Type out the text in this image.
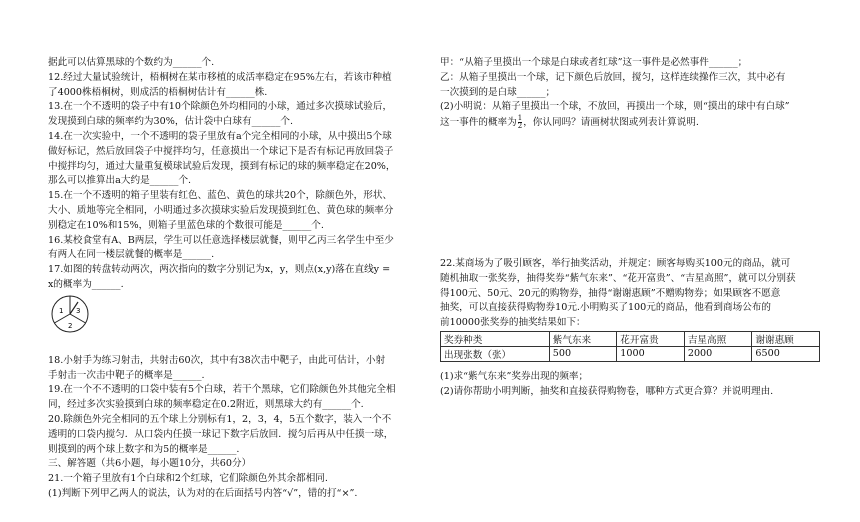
据此可以估算黑球的个数约为______个.
12.经过大量试验统计，梧桐树在某市移植的成活率稳定在95%左右，若该市种植
了4000株梧桐树，则成活的梧桐树估计有______株.
13.在一个不透明的袋子中有10个除颜色外均相同的小球，通过多次摸球试验后，
发现摸到白球的频率约为30%，估计袋中白球有______个.
14.在一次实验中，一个不透明的袋子里放有a个完全相同的小球，从中摸出5个球
做好标记，然后放回袋子中搅拌均匀，任意摸出一个球记下是否有标记再放回袋子
中搅拌均匀，通过大量重复模球试验后发现，摸到有标记的球的频率稳定在20%，
那么可以推算出a大约是______个.
15.在一个不透明的箱子里装有红色、蓝色、黄色的球共20个，除颜色外，形状、
大小、质地等完全相同，小明通过多次摸球实验后发现摸到红色、黄色球的频率分
别稳定在10%和15%，则箱子里蓝色球的个数很可能是______个.
16.某校食堂有A、B两层，学生可以任意选择楼层就餐，则甲乙丙三名学生中至少
有两人在同一楼层就餐的概率是______.
17.如图的转盘转动两次，两次指向的数字分别记为x，y，则点(x,y)落在直线y =
x的概率为______.
1 3
2
18.小射手为练习射击，共射击60次，其中有38次击中靶子，由此可估计，小射
手射击一次击中靶子的概率是______.
19.在一个不不透明的口袋中装有5个白球，若干个黑球，它们除颜色外其他完全相
同，经过多次实验摸到白球的频率稳定在0.2附近，则黑球大约有______个.
20.除颜色外完全相同的五个球上分别标有1，2，3，4，5五个数字，装入一个不
透明的口袋内搅匀．从口袋内任摸一球记下数字后放回．搅匀后再从中任摸一球，
则摸到的两个球上数字和为5的概率是______.
三、解答题（共6小题，每小题10分，共60分）
21.一个箱子里放有1个白球和2个红球，它们除颜色外其余都相同.
(1)判断下列甲乙两人的说法，认为对的在后面括号内答“√”，错的打“×”.
甲：“从箱子里摸出一个球是白球或者红球”这一事件是必然事件______；
乙：从箱子里摸出一个球，记下颜色后放回，搅匀，这样连续操作三次，其中必有
一次摸到的是白球______；
(2)小明说：从箱子里摸出一个球，不放回，再摸出一个球，则“摸出的球中有白球”
这一事件的概率为 $\frac{1}{2}$ ，你认同吗？请画树状图或列表计算说明.
22.某商场为了吸引顾客，举行抽奖活动，并规定：顾客每购买100元的商品，就可
随机抽取一张奖券，抽得奖券“紫气东来”、“花开富贵”、“吉星高照”，就可以分别获
得100元、50元、20元的购物券，抽得“谢谢惠顾”不赠购物券；如果顾客不愿意
抽奖，可以直接获得购物券10元.小明购买了100元的商品，他看到商场公布的
前10000张奖券的抽奖结果如下：
奖券种类	紫气东来	花开富贵	吉星高照	谢谢惠顾
出现张数（张）	500	1000	2000	6500
(1)求“紫气东来”奖券出现的频率；
(2)请你帮助小明判断，抽奖和直接获得购物卷，哪种方式更合算？并说明理由.
